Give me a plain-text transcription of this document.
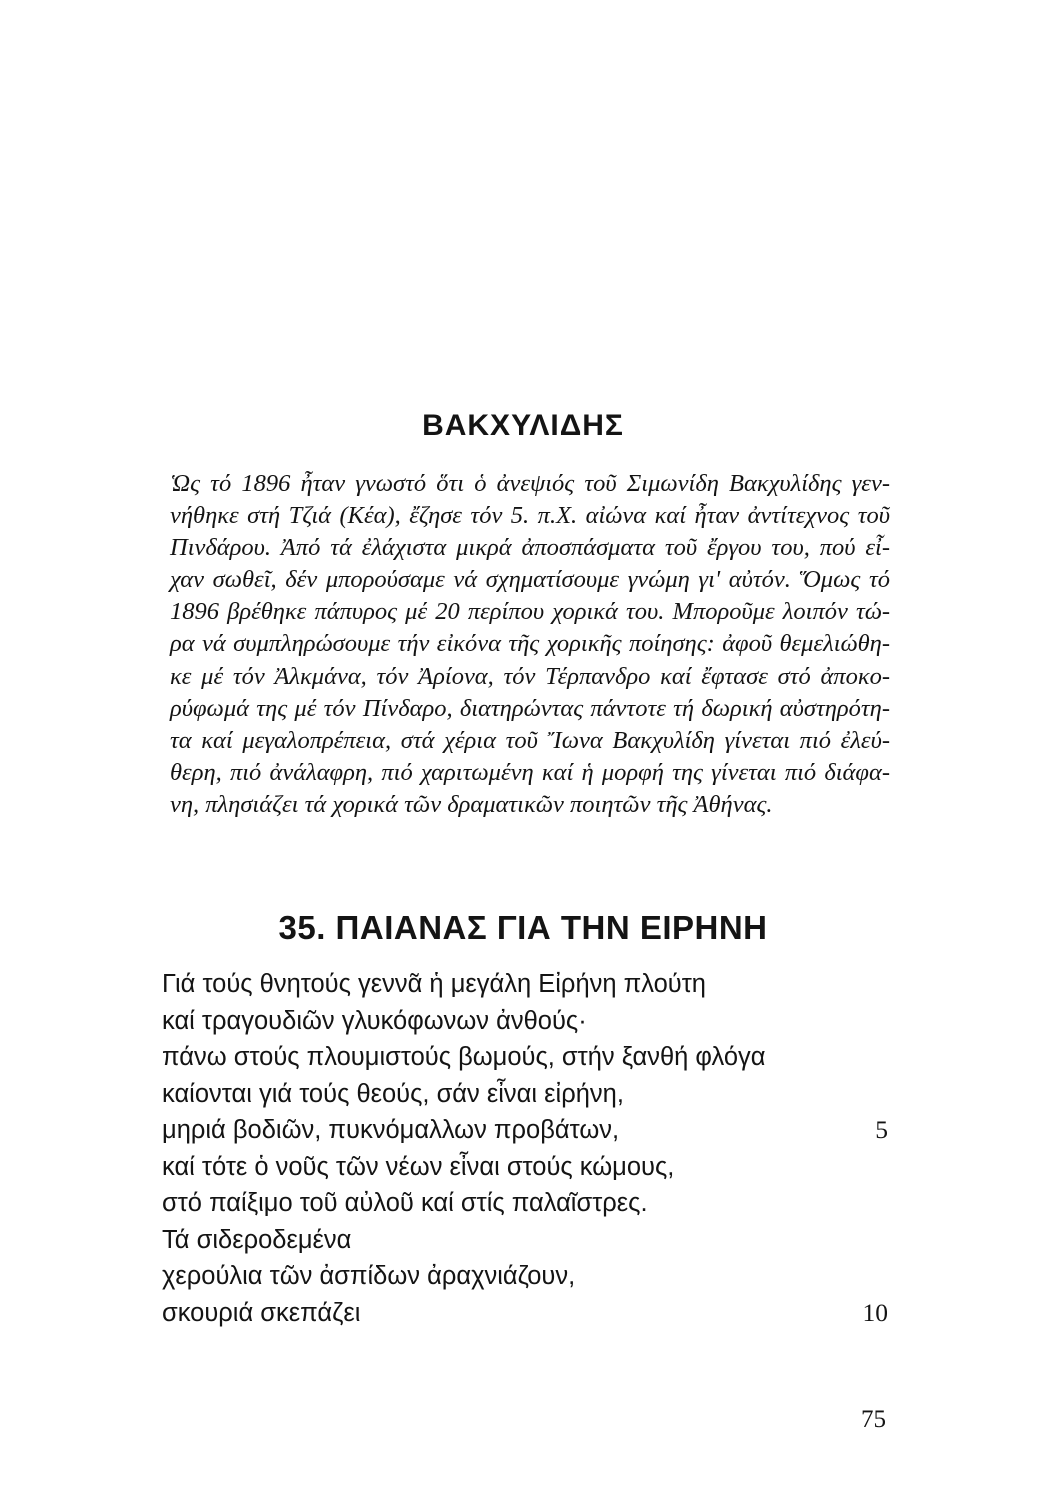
ΒΑΚΧΥΛΙΔΗΣ
Ὡς τό 1896 ἦταν γνωστό ὅτι ὁ ἀνεψιός τοῦ Σιμωνίδη Βακχυλίδης γεν-
νήθηκε στή Τζιά (Κέα), ἔζησε τόν 5. π.Χ. αἰώνα καί ἦταν ἀντίτεχνος τοῦ
Πινδάρου. Ἀπό τά ἐλάχιστα μικρά ἀποσπάσματα τοῦ ἔργου του, πού εἶ-
χαν σωθεῖ, δέν μπορούσαμε νά σχηματίσουμε γνώμη γι' αὐτόν. Ὅμως τό
1896 βρέθηκε πάπυρος μέ 20 περίπου χορικά του. Μποροῦμε λοιπόν τώ-
ρα νά συμπληρώσουμε τήν εἰκόνα τῆς χορικῆς ποίησης: ἀφοῦ θεμελιώθη-
κε μέ τόν Ἀλκμάνα, τόν Ἀρίονα, τόν Τέρπανδρο καί ἔφτασε στό ἀποκο-
ρύφωμά της μέ τόν Πίνδαρο, διατηρώντας πάντοτε τή δωρική αὐστηρότη-
τα καί μεγαλοπρέπεια, στά χέρια τοῦ Ἴωνα Βακχυλίδη γίνεται πιό ἐλεύ-
θερη, πιό ἀνάλαφρη, πιό χαριτωμένη καί ἡ μορφή της γίνεται πιό διάφα-
νη, πλησιάζει τά χορικά τῶν δραματικῶν ποιητῶν τῆς Ἀθήνας.
35. ΠΑΙΑΝΑΣ ΓΙΑ ΤΗΝ ΕΙΡΗΝΗ
Γιά τούς θνητούς γεννᾶ ἡ μεγάλη Εἰρήνη πλούτη
καί τραγουδιῶν γλυκόφωνων ἀνθούς·
πάνω στούς πλουμιστούς βωμούς, στήν ξανθή φλόγα
καίονται γιά τούς θεούς, σάν εἶναι εἰρήνη,
μηριά βοδιῶν, πυκνόμαλλων προβάτων,	5
καί τότε ὁ νοῦς τῶν νέων εἶναι στούς κώμους,
στό παίξιμο τοῦ αὐλοῦ καί στίς παλαῖστρες.
Τά σιδεροδεμένα
χερούλια τῶν ἀσπίδων ἀραχνιάζουν,
σκουριά σκεπάζει	10
75
